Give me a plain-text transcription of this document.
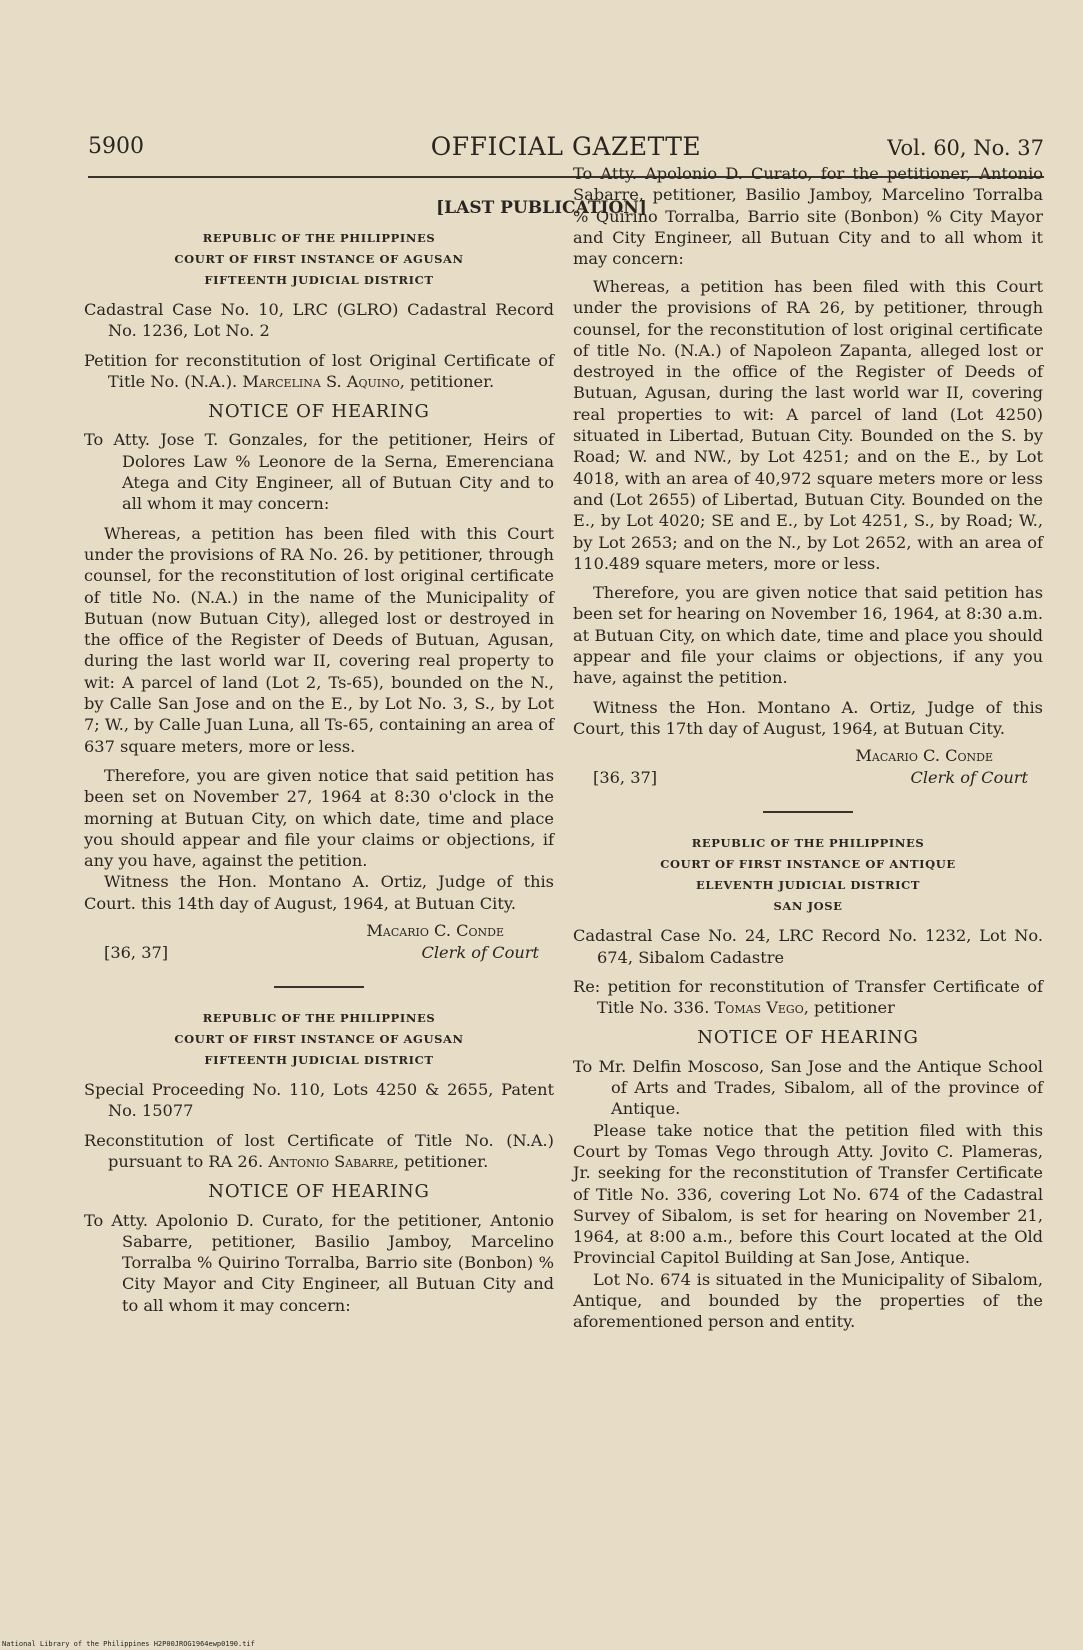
5900	OFFICIAL GAZETTE	Vol. 60, No. 37
[LAST PUBLICATION]
REPUBLIC OF THE PHILIPPINES
COURT OF FIRST INSTANCE OF AGUSAN
FIFTEENTH JUDICIAL DISTRICT

Cadastral Case No. 10, LRC (GLRO) Cadastral Record No. 1236, Lot No. 2

Petition for reconstitution of lost Original Certificate of Title No. (N.A.). Marcelina S. Aquino, petitioner.

NOTICE OF HEARING

To Atty. Jose T. Gonzales, for the petitioner, Heirs of Dolores Law % Leonore de la Serna, Emerenciana Atega and City Engineer, all of Butuan City and to all whom it may concern:

Whereas, a petition has been filed with this Court under the provisions of RA No. 26. by petitioner, through counsel, for the reconstitution of lost original certificate of title No. (N.A.) in the name of the Municipality of Butuan (now Butuan City), alleged lost or destroyed in the office of the Register of Deeds of Butuan, Agusan, during the last world war II, covering real property to wit: A parcel of land (Lot 2, Ts-65), bounded on the N., by Calle San Jose and on the E., by Lot No. 3, S., by Lot 7; W., by Calle Juan Luna, all Ts-65, containing an area of 637 square meters, more or less.

Therefore, you are given notice that said petition has been set on November 27, 1964 at 8:30 o'clock in the morning at Butuan City, on which date, time and place you should appear and file your claims or objections, if any you have, against the petition.

Witness the Hon. Montano A. Ortiz, Judge of this Court. this 14th day of August, 1964, at Butuan City.

Macario C. Conde
[36, 37]	Clerk of Court
REPUBLIC OF THE PHILIPPINES
COURT OF FIRST INSTANCE OF AGUSAN
FIFTEENTH JUDICIAL DISTRICT

Special Proceeding No. 110, Lots 4250 & 2655, Patent No. 15077

Reconstitution of lost Certificate of Title No. (N.A.) pursuant to RA 26. Antonio Sabarre, petitioner.

NOTICE OF HEARING

To Atty. Apolonio D. Curato, for the petitioner, Antonio Sabarre, petitioner, Basilio Jamboy, Marcelino Torralba % Quirino Torralba, Barrio site (Bonbon) % City Mayor and City Engineer, all Butuan City and to all whom it may concern:

To Atty. Apolonio D. Curato, for the petitioner, Antonio Sabarre, petitioner, Basilio Jamboy, Marcelino Torralba % Quirino Torralba, Barrio site (Bonbon) % City Mayor and City Engineer, all Butuan City and to all whom it may concern:

Whereas, a petition has been filed with this Court under the provisions of RA 26, by petitioner, through counsel, for the reconstitution of lost original certificate of title No. (N.A.) of Napoleon Zapanta, alleged lost or destroyed in the office of the Register of Deeds of Butuan, Agusan, during the last world war II, covering real properties to wit: A parcel of land (Lot 4250) situated in Libertad, Butuan City. Bounded on the S. by Road; W. and NW., by Lot 4251; and on the E., by Lot 4018, with an area of 40,972 square meters more or less and (Lot 2655) of Libertad, Butuan City. Bounded on the E., by Lot 4020; SE and E., by Lot 4251, S., by Road; W., by Lot 2653; and on the N., by Lot 2652, with an area of 110.489 square meters, more or less.

Therefore, you are given notice that said petition has been set for hearing on November 16, 1964, at 8:30 a.m. at Butuan City, on which date, time and place you should appear and file your claims or objections, if any you have, against the petition.

Witness the Hon. Montano A. Ortiz, Judge of this Court, this 17th day of August, 1964, at Butuan City.

Macario C. Conde
[36, 37]	Clerk of Court
REPUBLIC OF THE PHILIPPINES
COURT OF FIRST INSTANCE OF ANTIQUE
ELEVENTH JUDICIAL DISTRICT
SAN JOSE

Cadastral Case No. 24, LRC Record No. 1232, Lot No. 674, Sibalom Cadastre

Re: petition for reconstitution of Transfer Certificate of Title No. 336. Tomas Vego, petitioner

NOTICE OF HEARING

To Mr. Delfin Moscoso, San Jose and the Antique School of Arts and Trades, Sibalom, all of the province of Antique.

Please take notice that the petition filed with this Court by Tomas Vego through Atty. Jovito C. Plameras, Jr. seeking for the reconstitution of Transfer Certificate of Title No. 336, covering Lot No. 674 of the Cadastral Survey of Sibalom, is set for hearing on November 21, 1964, at 8:00 a.m., before this Court located at the Old Provincial Capitol Building at San Jose, Antique.

Lot No. 674 is situated in the Municipality of Sibalom, Antique, and bounded by the properties of the aforementioned person and entity.

National Library of the Philippines H2P00JROG1964ewp0190.tif
